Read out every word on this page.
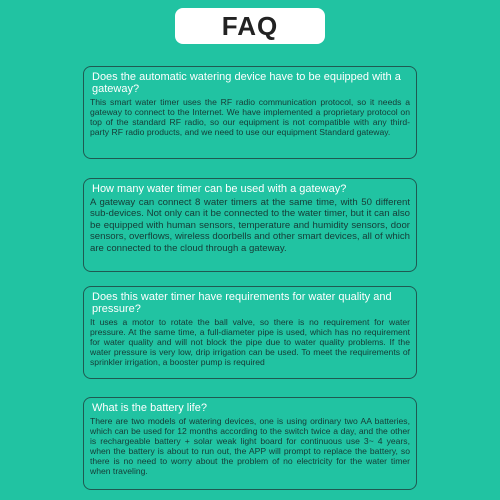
FAQ

Does the automatic watering device have to be equipped with a gateway?

This smart water timer uses the RF radio communication protocol, so it needs a gateway to connect to the Internet. We have implemented a proprietary protocol on top of the standard RF radio, so our equipment is not compatible with any third-party RF radio products, and we need to use our equipment Standard gateway.

How many water timer can be used with a gateway?

A gateway can connect 8 water timers at the same time, with 50 different sub-devices. Not only can it be connected to the water timer, but it can also be equipped with human sensors, temperature and humidity sensors, door sensors, overflows, wireless doorbells and other smart devices, all of which are connected to the cloud through a gateway.

Does this water timer have requirements for water quality and pressure?

It uses a motor to rotate the ball valve, so there is no requirement for water pressure. At the same time, a full-diameter pipe is used, which has no requirement for water quality and will not block the pipe due to water quality problems. If the water pressure is very low, drip irrigation can be used. To meet the requirements of sprinkler irrigation, a booster pump is required

What is the battery life?

There are two models of watering devices, one is using ordinary two AA batteries, which can be used for 12 months according to the switch twice a day, and the other is rechargeable battery + solar weak light board for continuous use 3~ 4 years, when the battery is about to run out, the APP will prompt to replace the battery, so there is no need to worry about the problem of no electricity for the water timer when traveling.
